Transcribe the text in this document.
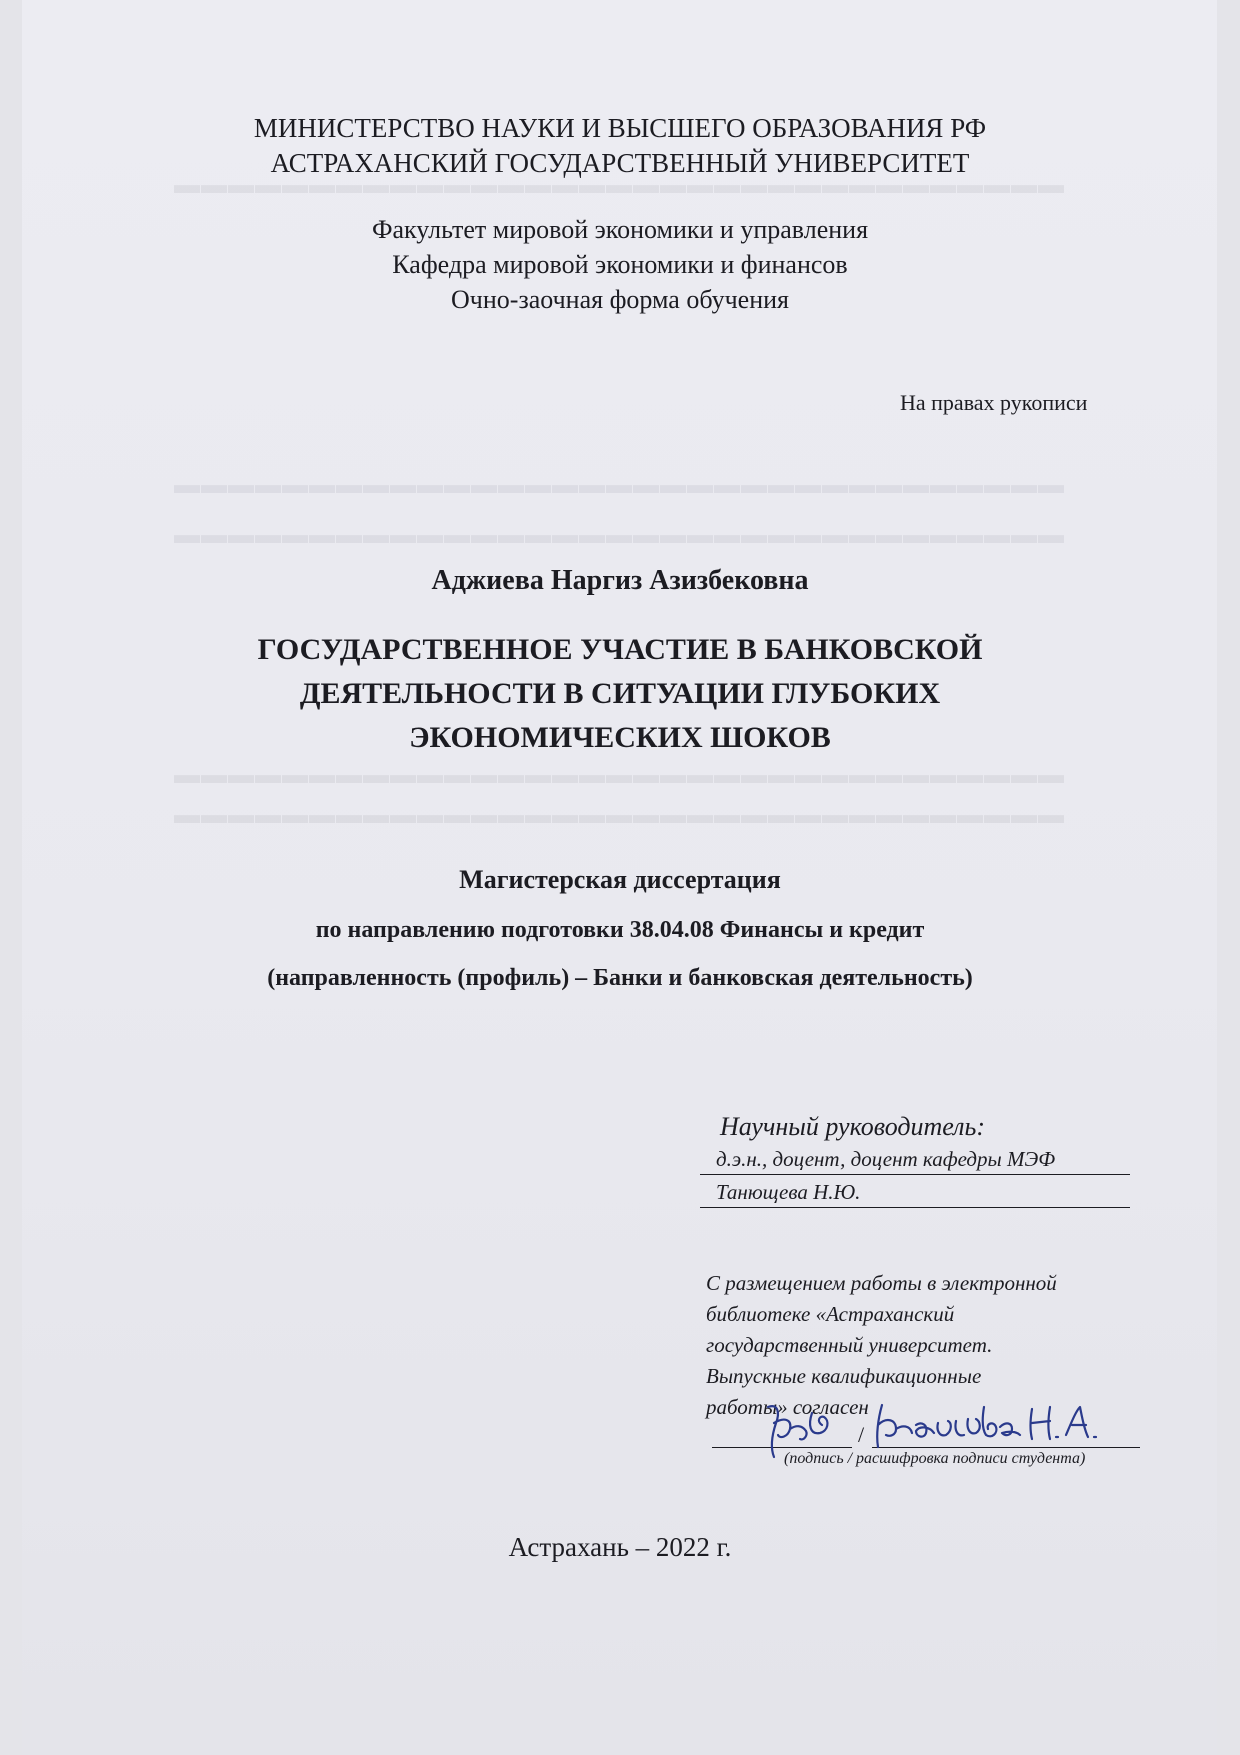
▬▬▬▬▬▬▬▬▬▬▬▬▬▬▬▬▬▬▬▬▬▬▬▬▬▬▬▬▬▬▬▬▬
▬▬▬▬▬▬▬▬▬▬▬▬▬▬▬▬▬▬▬▬▬▬▬▬▬▬▬▬▬▬▬▬▬
▬▬▬▬▬▬▬▬▬▬▬▬▬▬▬▬▬▬▬▬▬▬▬▬▬▬▬▬▬▬▬▬▬
▬▬▬▬▬▬▬▬▬▬▬▬▬▬▬▬▬▬▬▬▬▬▬▬▬▬▬▬▬▬▬▬▬
▬▬▬▬▬▬▬▬▬▬▬▬▬▬▬▬▬▬▬▬▬▬▬▬▬▬▬▬▬▬▬▬▬
МИНИСТЕРСТВО НАУКИ И ВЫСШЕГО ОБРАЗОВАНИЯ РФ
АСТРАХАНСКИЙ ГОСУДАРСТВЕННЫЙ УНИВЕРСИТЕТ
Факультет мировой экономики и управления
Кафедра мировой экономики и финансов
Очно-заочная форма обучения
На правах рукописи
Аджиева Наргиз Азизбековна
ГОСУДАРСТВЕННОЕ УЧАСТИЕ В БАНКОВСКОЙ
ДЕЯТЕЛЬНОСТИ В СИТУАЦИИ ГЛУБОКИХ
ЭКОНОМИЧЕСКИХ ШОКОВ
Магистерская диссертация
по направлению подготовки 38.04.08 Финансы и кредит
(направленность (профиль) – Банки и банковская деятельность)
Научный руководитель:
д.э.н., доцент, доцент кафедры МЭФ
Танющева Н.Ю.
С размещением работы в электронной
библиотеке «Астраханский
государственный университет.
Выпускные квалификационные
работы» согласен
/
(подпись / расшифровка подписи студента)
Астрахань – 2022 г.
